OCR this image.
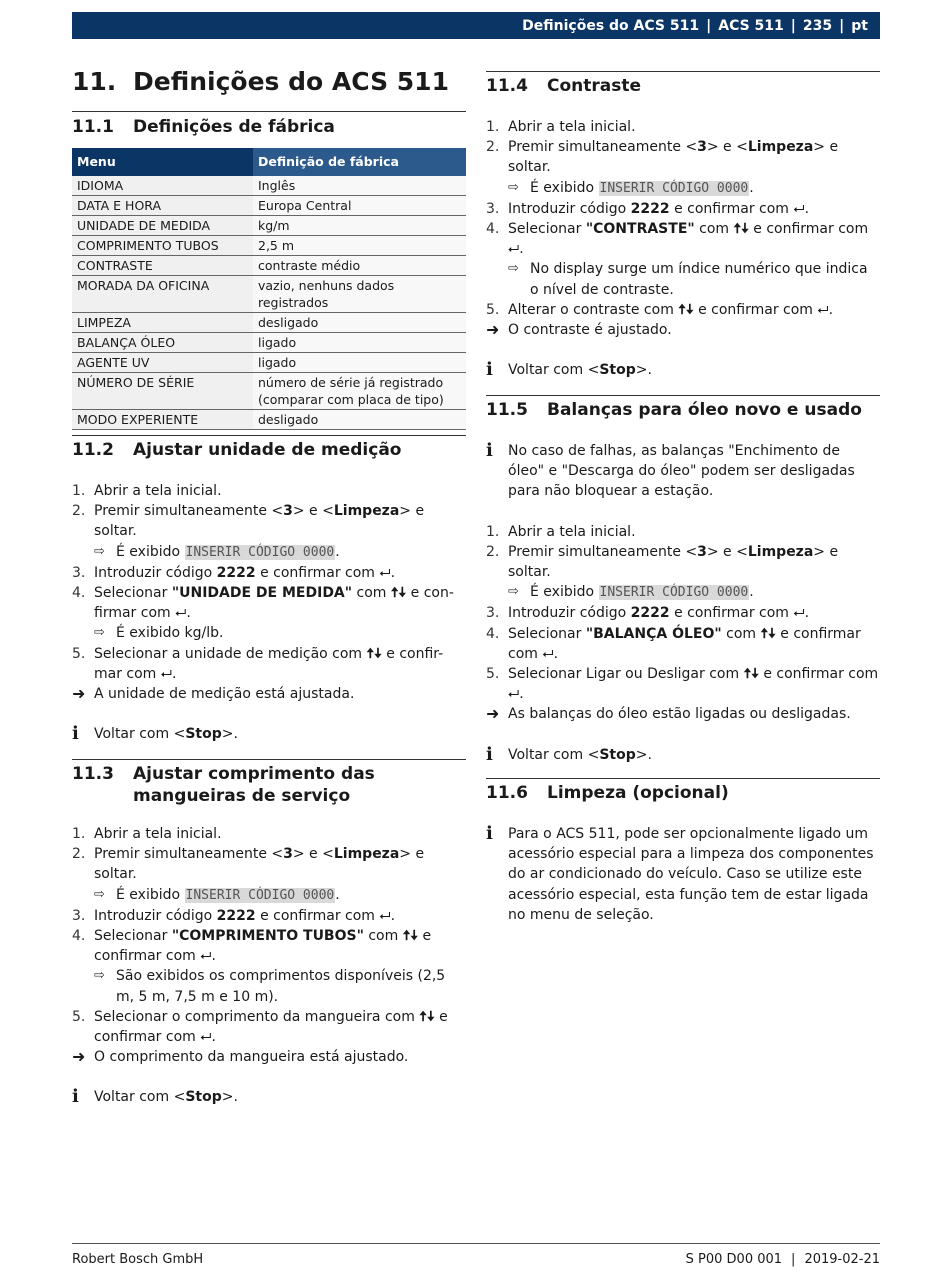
Definições do ACS 511 | ACS 511 | 235 | pt
11. Definições do ACS 511
11.1 Definições de fábrica
Menu	Definição de fábrica
IDIOMA	Inglês
DATA E HORA	Europa Central
UNIDADE DE MEDIDA	kg/m
COMPRIMENTO TUBOS	2,5 m
CONTRASTE	contraste médio
MORADA DA OFICINA	vazio, nenhuns dados registrados
LIMPEZA	desligado
BALANÇA ÓLEO	ligado
AGENTE UV	ligado
NÚMERO DE SÉRIE	número de série já registrado (comparar com placa de tipo)
MODO EXPERIENTE	desligado
11.2 Ajustar unidade de medição
1. Abrir a tela inicial.
2. Premir simultaneamente <3> e <Limpeza> e soltar.
⇨ É exibido INSERIR CÓDIGO 0000.
3. Introduzir código 2222 e confirmar com ⮠.
4. Selecionar "UNIDADE DE MEDIDA" com 🠅🠇 e con-
firmar com ⮠.
⇨ É exibido kg/lb.
5. Selecionar a unidade de medição com 🠅🠇 e confir-
mar com ⮠.
➜ A unidade de medição está ajustada.
ℹ Voltar com <Stop>.
11.3 Ajustar comprimento das mangueiras de serviço
1. Abrir a tela inicial.
2. Premir simultaneamente <3> e <Limpeza> e soltar.
⇨ É exibido INSERIR CÓDIGO 0000.
3. Introduzir código 2222 e confirmar com ⮠.
4. Selecionar "COMPRIMENTO TUBOS" com 🠅🠇 e confirmar com ⮠.
⇨ São exibidos os comprimentos disponíveis (2,5 m, 5 m, 7,5 m e 10 m).
5. Selecionar o comprimento da mangueira com 🠅🠇 e confirmar com ⮠.
➜ O comprimento da mangueira está ajustado.
ℹ Voltar com <Stop>.
11.4 Contraste
1. Abrir a tela inicial.
2. Premir simultaneamente <3> e <Limpeza> e soltar.
⇨ É exibido INSERIR CÓDIGO 0000.
3. Introduzir código 2222 e confirmar com ⮠.
4. Selecionar "CONTRASTE" com 🠅🠇 e confirmar com
⮠.
⇨ No display surge um índice numérico que indica o nível de contraste.
5. Alterar o contraste com 🠅🠇 e confirmar com ⮠.
➜ O contraste é ajustado.
ℹ Voltar com <Stop>.
11.5 Balanças para óleo novo e usado
ℹ No caso de falhas, as balanças "Enchimento de óleo" e "Descarga do óleo" podem ser desligadas para não bloquear a estação.
1. Abrir a tela inicial.
2. Premir simultaneamente <3> e <Limpeza> e soltar.
⇨ É exibido INSERIR CÓDIGO 0000.
3. Introduzir código 2222 e confirmar com ⮠.
4. Selecionar "BALANÇA ÓLEO" com 🠅🠇 e confirmar com ⮠.
5. Selecionar Ligar ou Desligar com 🠅🠇 e confirmar com ⮠.
➜ As balanças do óleo estão ligadas ou desligadas.
ℹ Voltar com <Stop>.
11.6 Limpeza (opcional)
ℹ Para o ACS 511, pode ser opcionalmente ligado um acessório especial para a limpeza dos componentes do ar condicionado do veículo. Caso se utilize este acessório especial, esta função tem de estar ligada no menu de seleção.
Robert Bosch GmbH	S P00 D00 001 | 2019-02-21
